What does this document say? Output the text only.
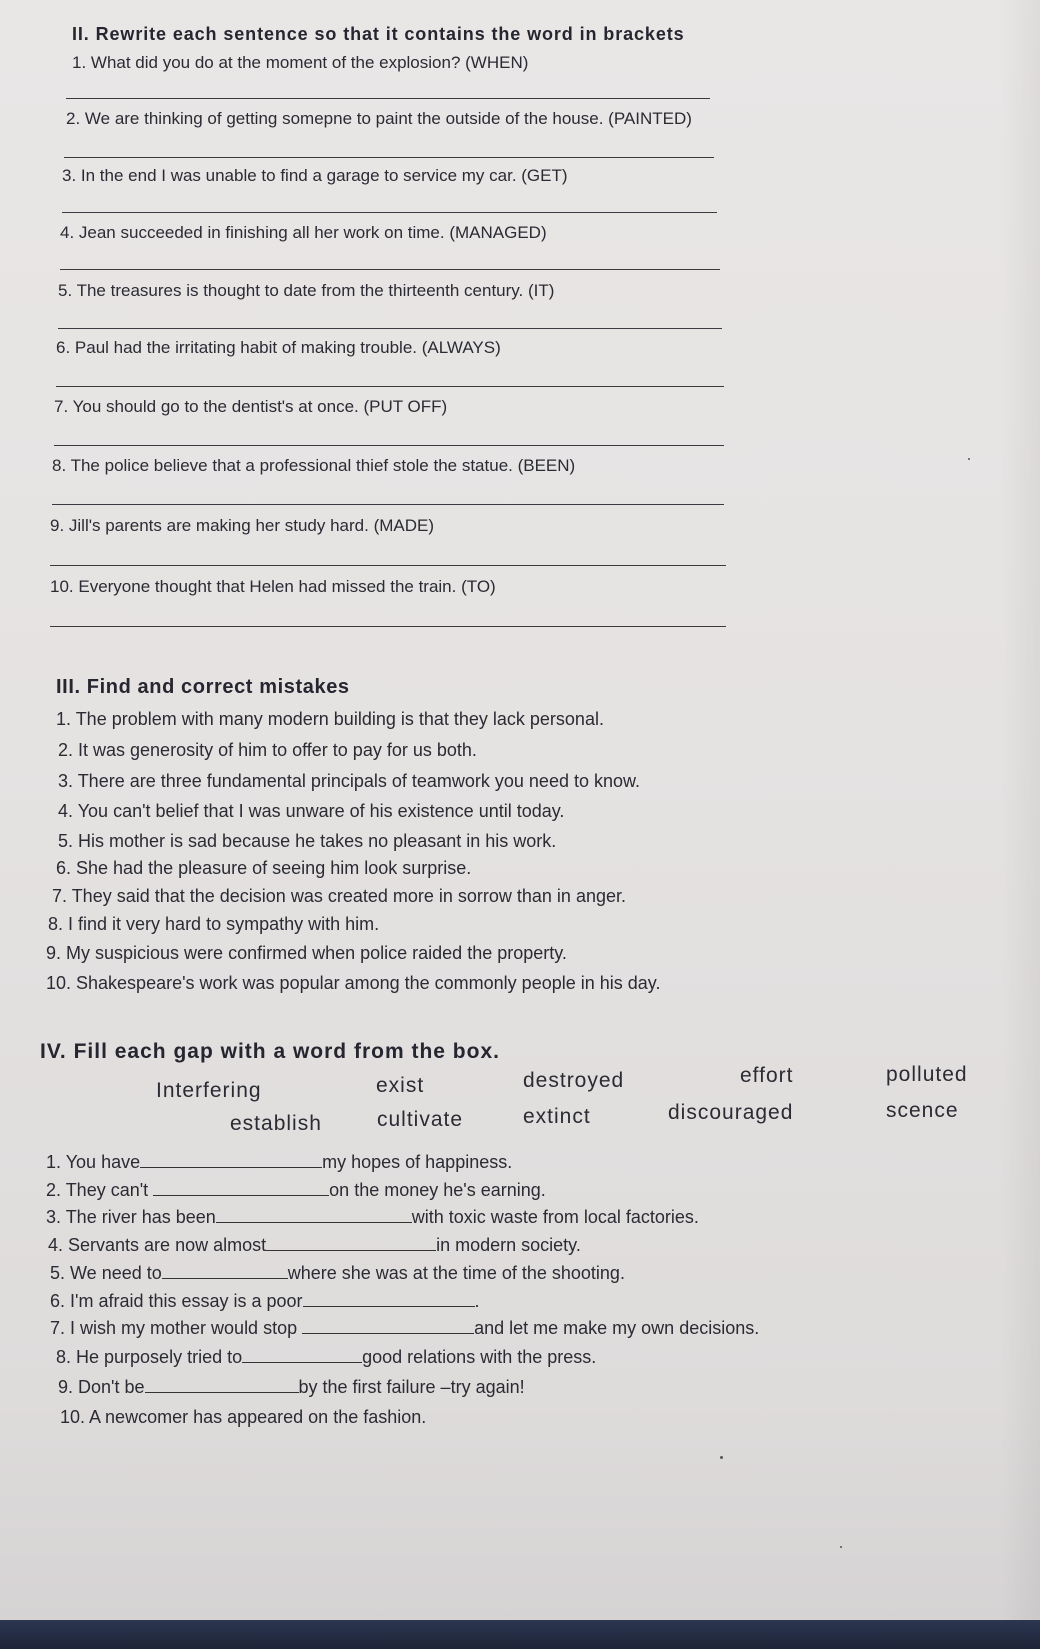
II. Rewrite each sentence so that it contains the word in brackets
1. What did you do at the moment of the explosion? (WHEN)
2. We are thinking of getting somepne to paint the outside of the house. (PAINTED)
3. In the end I was unable to find a garage to service my car. (GET)
4. Jean succeeded in finishing all her work on time. (MANAGED)
5. The treasures is thought to date from the thirteenth century. (IT)
6. Paul had the irritating habit of making trouble. (ALWAYS)
7. You should go to the dentist's at once. (PUT OFF)
8. The police believe that a professional thief stole the statue. (BEEN)
9. Jill's parents are making her study hard. (MADE)
10. Everyone thought that Helen had missed the train. (TO)
III. Find and correct mistakes
1. The problem with many modern building is that they lack personal.
2. It was generosity of him to offer to pay for us both.
3. There are three fundamental principals of teamwork you need to know.
4. You can't belief that I was unware of his existence until today.
5. His mother is sad because he takes no pleasant in his work.
6. She had the pleasure of seeing him look surprise.
7. They said that the decision was created more in sorrow than in anger.
8. I find it very hard to sympathy with him.
9. My suspicious were confirmed when police raided the property.
10. Shakespeare's work was popular among the commonly people in his day.
IV. Fill each gap with a word from the box.
Interfering	exist	destroyed	effort	polluted
establish	cultivate	extinct	discouraged	scence
1. You have	my hopes of happiness.
2. They can't	on the money he's earning.
3. The river has been	with toxic waste from local factories.
4. Servants are now almost	in modern society.
5. We need to	where she was at the time of the shooting.
6. I'm afraid this essay is a poor	.
7. I wish my mother would stop	and let me make my own decisions.
8. He purposely tried to	good relations with the press.
9. Don't be	by the first failure –try again!
10. A newcomer has appeared on the fashion.
